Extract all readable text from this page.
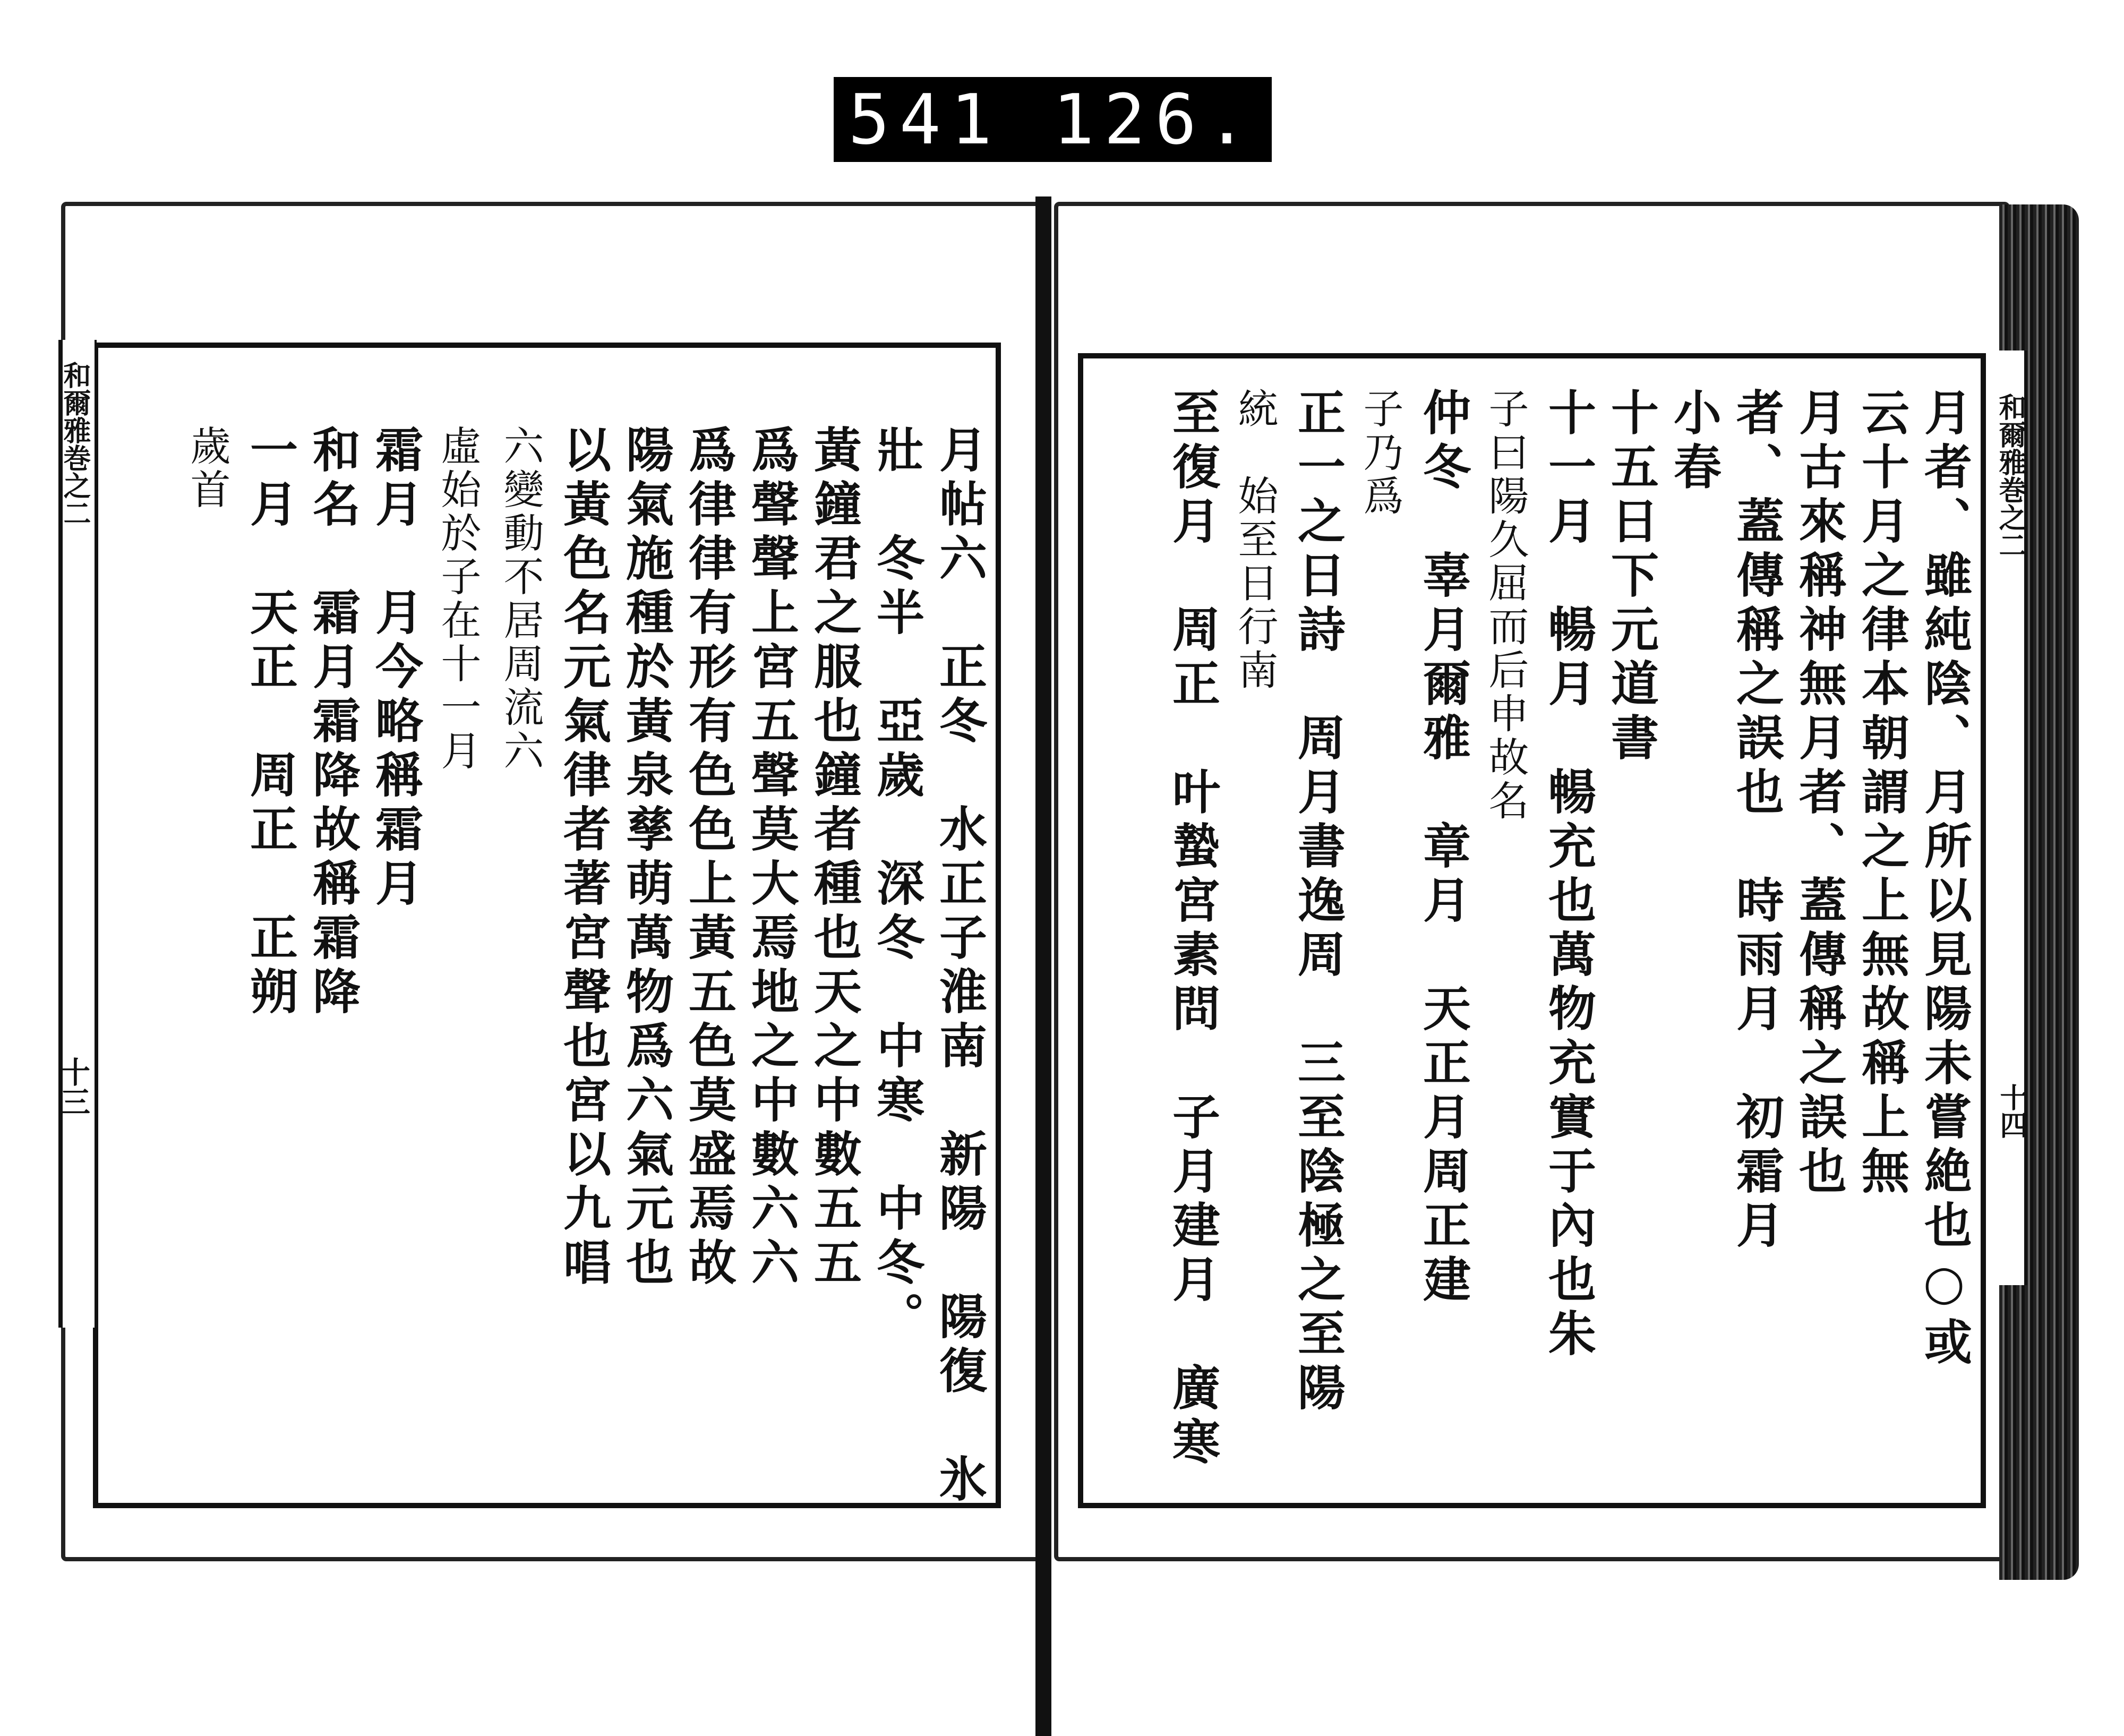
541 126.
和爾雅巻之二
十三
和爾雅巻之二
十四
月者、雖純陰、月所以見陽未嘗絶也○或
云十月之律本朝謂之上無故稱上無
月古來稱神無月者、蓋傳稱之誤也
者、蓋傳稱之誤也　時雨月　初霜月
小春
十五日下元道書
十一月　暢月　暢充也萬物充實于內也朱
子曰陽久屈而后申故名
仲冬　辜月爾雅　章月　天正月周正建
子乃爲
正一之日詩　周月書逸周　三至陰極之至陽
統　始至日行南
至復月　周正　叶蟄宮素問　子月建月　廣寒
月帖六　正冬　水正子淮南　新陽　陽復　氷
壯　冬半　亞歲　深冬　中寒　中冬。
黃鐘君之服也鐘者種也天之中數五五
爲聲聲上宮五聲莫大焉地之中數六六
爲律律有形有色色上黃五色莫盛焉故
陽氣施種於黃泉孳萌萬物爲六氣元也
以黃色名元氣律者著宮聲也宮以九唱
六變動不居周流六
虛始於子在十一月
霜月　月今略稱霜月
和名　霜月霜降故稱霜降
一月　天正　周正　正朔
歲首
